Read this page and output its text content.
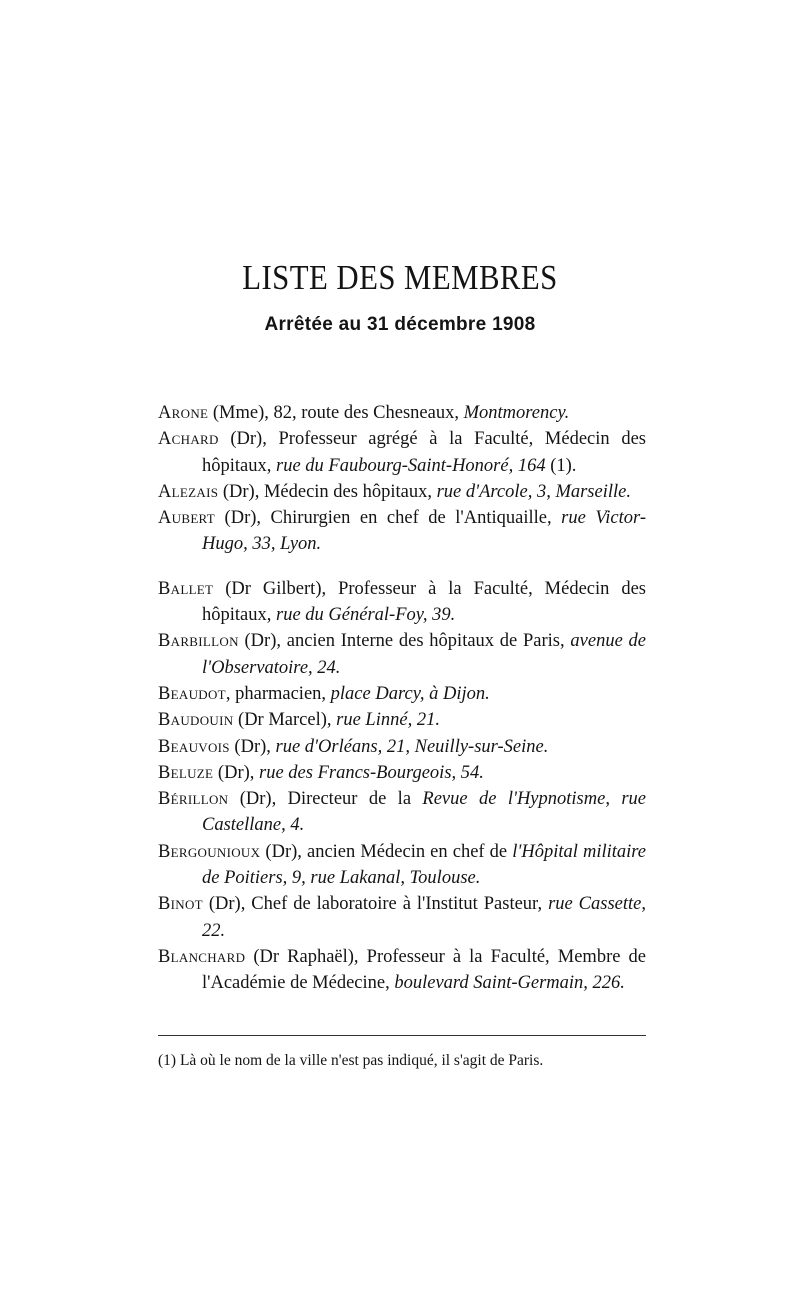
LISTE DES MEMBRES
Arrêtée au 31 décembre 1908
Arone (Mme), 82, route des Chesneaux, Montmorency.
Achard (Dr), Professeur agrégé à la Faculté, Médecin des hôpitaux, rue du Faubourg-Saint-Honoré, 164 (1).
Alezais (Dr), Médecin des hôpitaux, rue d'Arcole, 3, Marseille.
Aubert (Dr), Chirurgien en chef de l'Antiquaille, rue Victor-Hugo, 33, Lyon.
Ballet (Dr Gilbert), Professeur à la Faculté, Médecin des hôpitaux, rue du Général-Foy, 39.
Barbillon (Dr), ancien Interne des hôpitaux de Paris, avenue de l'Observatoire, 24.
Beaudot, pharmacien, place Darcy, à Dijon.
Baudouin (Dr Marcel), rue Linné, 21.
Beauvois (Dr), rue d'Orléans, 21, Neuilly-sur-Seine.
Beluze (Dr), rue des Francs-Bourgeois, 54.
Bérillon (Dr), Directeur de la Revue de l'Hypnotisme, rue Castellane, 4.
Bergounioux (Dr), ancien Médecin en chef de l'Hôpital militaire de Poitiers, 9, rue Lakanal, Toulouse.
Binot (Dr), Chef de laboratoire à l'Institut Pasteur, rue Cassette, 22.
Blanchard (Dr Raphaël), Professeur à la Faculté, Membre de l'Académie de Médecine, boulevard Saint-Germain, 226.
(1) Là où le nom de la ville n'est pas indiqué, il s'agit de Paris.
